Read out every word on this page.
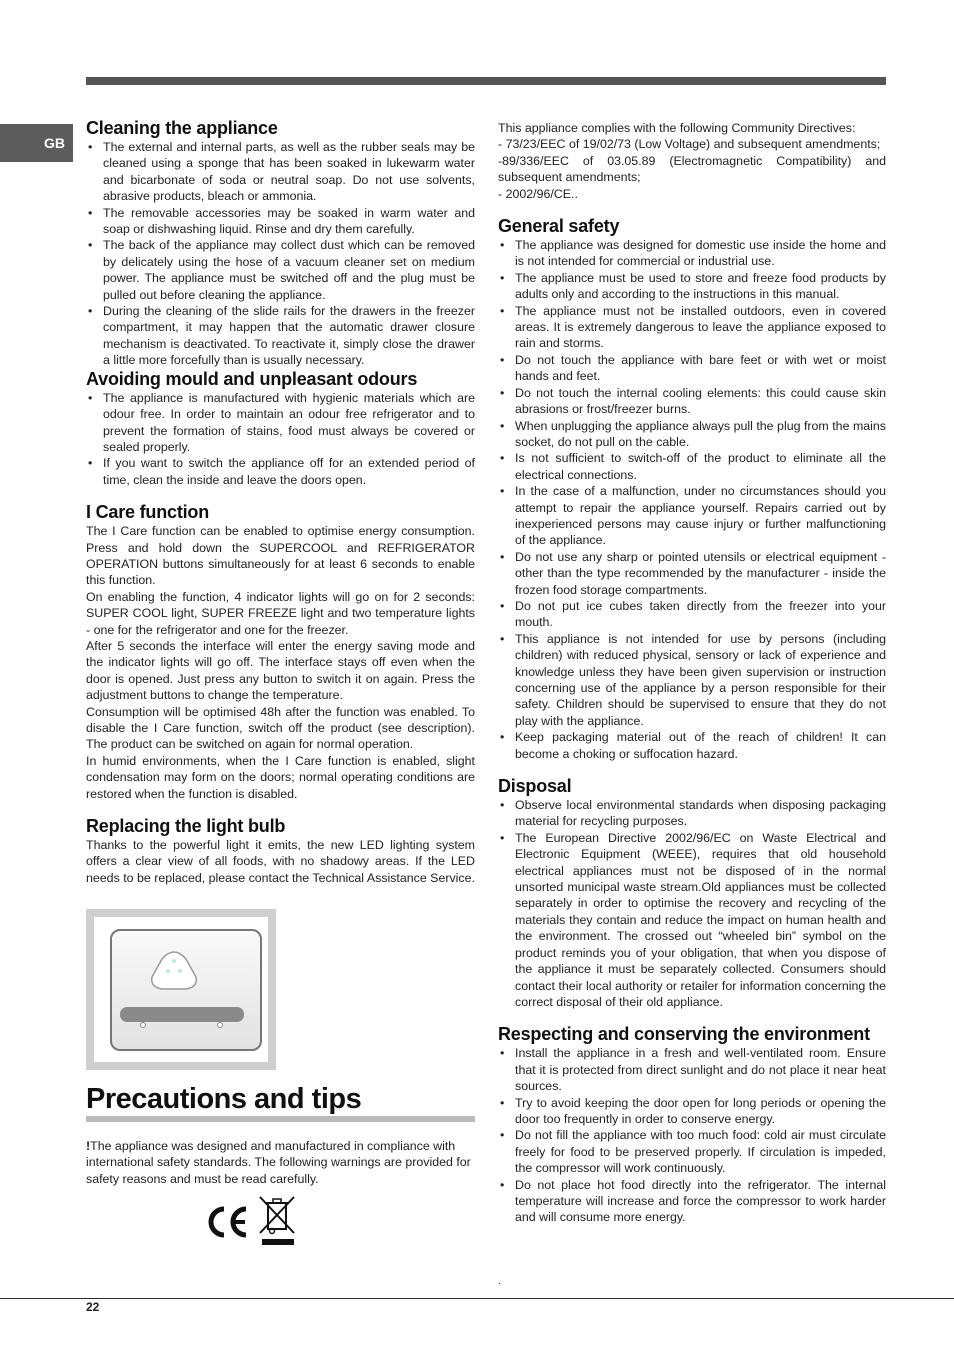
GB
Cleaning the appliance
• The external and internal parts, as well as the rubber seals may be cleaned using a sponge that has been soaked in lukewarm water and bicarbonate of soda or neutral soap. Do not use solvents, abrasive products, bleach or ammonia.
• The removable accessories may be soaked in warm water and soap or dishwashing liquid. Rinse and dry them carefully.
• The back of the appliance may collect dust which can be removed by delicately using the hose of a vacuum cleaner set on medium power. The appliance must be switched off and the plug must be pulled out before cleaning the appliance.
• During the cleaning of the slide rails for the drawers in the freezer compartment, it may happen that the automatic drawer closure mechanism is deactivated. To reactivate it, simply close the drawer a little more forcefully than is usually necessary.
Avoiding mould and unpleasant odours
• The appliance is manufactured with hygienic materials which are odour free. In order to maintain an odour free refrigerator and to prevent the formation of stains, food must always be covered or sealed properly.
• If you want to switch the appliance off for an extended period of time, clean the inside and leave the doors open.
I Care function

The I Care function can be enabled to optimise energy consumption. Press and hold down the SUPERCOOL and REFRIGERATOR OPERATION buttons simultaneously for at least 6 seconds to enable this function.

On enabling the function, 4 indicator lights will go on for 2 seconds: SUPER COOL light, SUPER FREEZE light and two temperature lights - one for the refrigerator and one for the freezer.

After 5 seconds the interface will enter the energy saving mode and the indicator lights will go off. The interface stays off even when the door is opened. Just press any button to switch it on again. Press the adjustment buttons to change the temperature.

Consumption will be optimised 48h after the function was enabled. To disable the I Care function, switch off the product (see description). The product can be switched on again for normal operation.

In humid environments, when the I Care function is enabled, slight condensation may form on the doors; normal operating conditions are restored when the function is disabled.

Replacing the light bulb

Thanks to the powerful light it emits, the new LED lighting system offers a clear view of all foods, with no shadowy areas. If the LED needs to be replaced, please contact the Technical Assistance Service.

Precautions and tips
!The appliance was designed and manufactured in compliance with international safety standards. The following warnings are provided for safety reasons and must be read carefully.

This appliance complies with the following Community Directives:

- 73/23/EEC of 19/02/73 (Low Voltage) and subsequent amendments;

-89/336/EEC of 03.05.89 (Electromagnetic Compatibility) and subsequent amendments;

- 2002/96/CE..

General safety
• The appliance was designed for domestic use inside the home and is not intended for commercial or industrial use.
• The appliance must be used to store and freeze food products by adults only and according to the instructions in this manual.
• The appliance must not be installed outdoors, even in covered areas. It is extremely dangerous to leave the appliance exposed to rain and storms.
• Do not touch the appliance with bare feet or with wet or moist hands and feet.
• Do not touch the internal cooling elements: this could cause skin abrasions or frost/freezer burns.
• When unplugging the appliance always pull the plug from the mains socket, do not pull on the cable.
• Is not sufficient to switch-off of the product to eliminate all the electrical connections.
• In the case of a malfunction, under no circumstances should you attempt to repair the appliance yourself. Repairs carried out by inexperienced persons may cause injury or further malfunctioning of the appliance.
• Do not use any sharp or pointed utensils or electrical equipment - other than the type recommended by the manufacturer - inside the frozen food storage compartments.
• Do not put ice cubes taken directly from the freezer into your mouth.
• This appliance is not intended for use by persons (including children) with reduced physical, sensory or lack of experience and knowledge unless they have been given supervision or instruction concerning use of the appliance by a person responsible for their safety. Children should be supervised to ensure that they do not play with the appliance.
• Keep packaging material out of the reach of children! It can become a choking or suffocation hazard.
Disposal
• Observe local environmental standards when disposing packaging material for recycling purposes.
• The European Directive 2002/96/EC on Waste Electrical and Electronic Equipment (WEEE), requires that old household electrical appliances must not be disposed of in the normal unsorted municipal waste stream.Old appliances must be collected separately in order to optimise the recovery and recycling of the materials they contain and reduce the impact on human health and the environment. The crossed out “wheeled bin” symbol on the product reminds you of your obligation, that when you dispose of the appliance it must be separately collected. Consumers should contact their local authority or retailer for information concerning the correct disposal of their old appliance.
Respecting and conserving the environment
• Install the appliance in a fresh and well-ventilated room. Ensure that it is protected from direct sunlight and do not place it near heat sources.
• Try to avoid keeping the door open for long periods or opening the door too frequently in order to conserve energy.
• Do not fill the appliance with too much food: cold air must circulate freely for food to be preserved properly. If circulation is impeded, the compressor will work continuously.
• Do not place hot food directly into the refrigerator. The internal temperature will increase and force the compressor to work harder and will consume more energy.
.
22
